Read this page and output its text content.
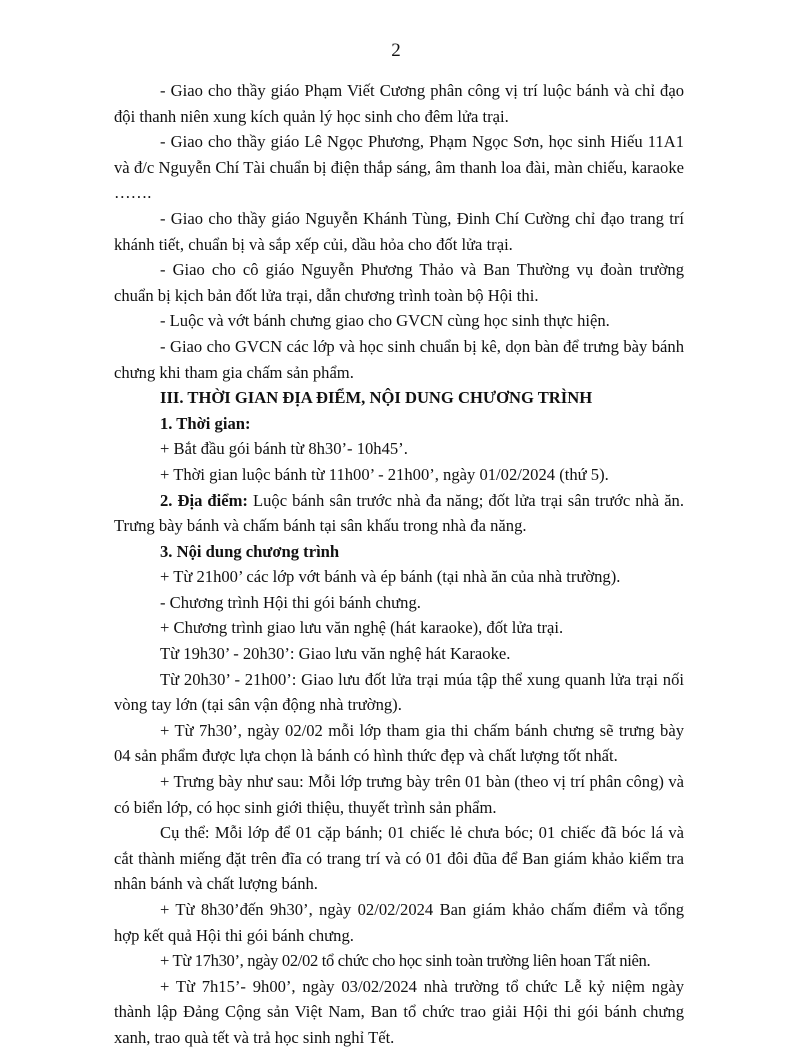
2

- Giao cho thầy giáo Phạm Viết Cương phân công vị trí luộc bánh và chỉ đạo đội thanh niên xung kích quản lý học sinh cho đêm lửa trại.

- Giao cho thầy giáo Lê Ngọc Phương, Phạm Ngọc Sơn, học sinh Hiếu 11A1 và đ/c Nguyễn Chí Tài chuẩn bị điện thắp sáng, âm thanh loa đài, màn chiếu, karaoke …….

- Giao cho thầy giáo Nguyễn Khánh Tùng, Đinh Chí Cường chỉ đạo trang trí khánh tiết, chuẩn bị và sắp xếp củi, dầu hỏa cho đốt lửa trại.

- Giao cho cô giáo Nguyễn Phương Thảo và Ban Thường vụ đoàn trường chuẩn bị kịch bản đốt lửa trại, dẫn chương trình toàn bộ Hội thi.

- Luộc và vớt bánh chưng giao cho GVCN cùng học sinh thực hiện.

- Giao cho GVCN các lớp và học sinh chuẩn bị kê, dọn bàn để trưng bày bánh chưng khi tham gia chấm sản phẩm.

III. THỜI GIAN ĐỊA ĐIỂM, NỘI DUNG CHƯƠNG TRÌNH

1. Thời gian:

+ Bắt đầu gói bánh từ 8h30’- 10h45’.

+ Thời gian luộc bánh từ 11h00’ - 21h00’, ngày 01/02/2024 (thứ 5).

2. Địa điểm: Luộc bánh sân trước nhà đa năng; đốt lửa trại sân trước nhà ăn. Trưng bày bánh và chấm bánh tại sân khấu trong nhà đa năng.

3. Nội dung chương trình

+ Từ 21h00’ các lớp vớt bánh và ép bánh (tại nhà ăn của nhà trường).

- Chương trình Hội thi gói bánh chưng.

+ Chương trình giao lưu văn nghệ (hát karaoke), đốt lửa trại.

Từ 19h30’ - 20h30’: Giao lưu văn nghệ hát Karaoke.

Từ 20h30’ - 21h00’: Giao lưu đốt lửa trại múa tập thể xung quanh lửa trại nối vòng tay lớn (tại sân vận động nhà trường).

+ Từ 7h30’, ngày 02/02 mỗi lớp tham gia thi chấm bánh chưng sẽ trưng bày 04 sản phẩm được lựa chọn là bánh có hình thức đẹp và chất lượng tốt nhất.

+ Trưng bày như sau: Mỗi lớp trưng bày trên 01 bàn (theo vị trí phân công) và có biển lớp, có học sinh giới thiệu, thuyết trình sản phẩm.

Cụ thể: Mỗi lớp để 01 cặp bánh; 01 chiếc lẻ chưa bóc; 01 chiếc đã bóc lá và cắt thành miếng đặt trên đĩa có trang trí và có 01 đôi đũa để Ban giám khảo kiểm tra nhân bánh và chất lượng bánh.

+ Từ 8h30’đến 9h30’, ngày 02/02/2024 Ban giám khảo chấm điểm và tổng hợp kết quả Hội thi gói bánh chưng.

+ Từ 17h30’, ngày 02/02 tổ chức cho học sinh toàn trường liên hoan Tất niên.

+ Từ 7h15’- 9h00’, ngày 03/02/2024 nhà trường tổ chức Lễ kỷ niệm ngày thành lập Đảng Cộng sản Việt Nam, Ban tổ chức trao giải Hội thi gói bánh chưng xanh, trao quà tết và trả học sinh nghỉ Tết.
